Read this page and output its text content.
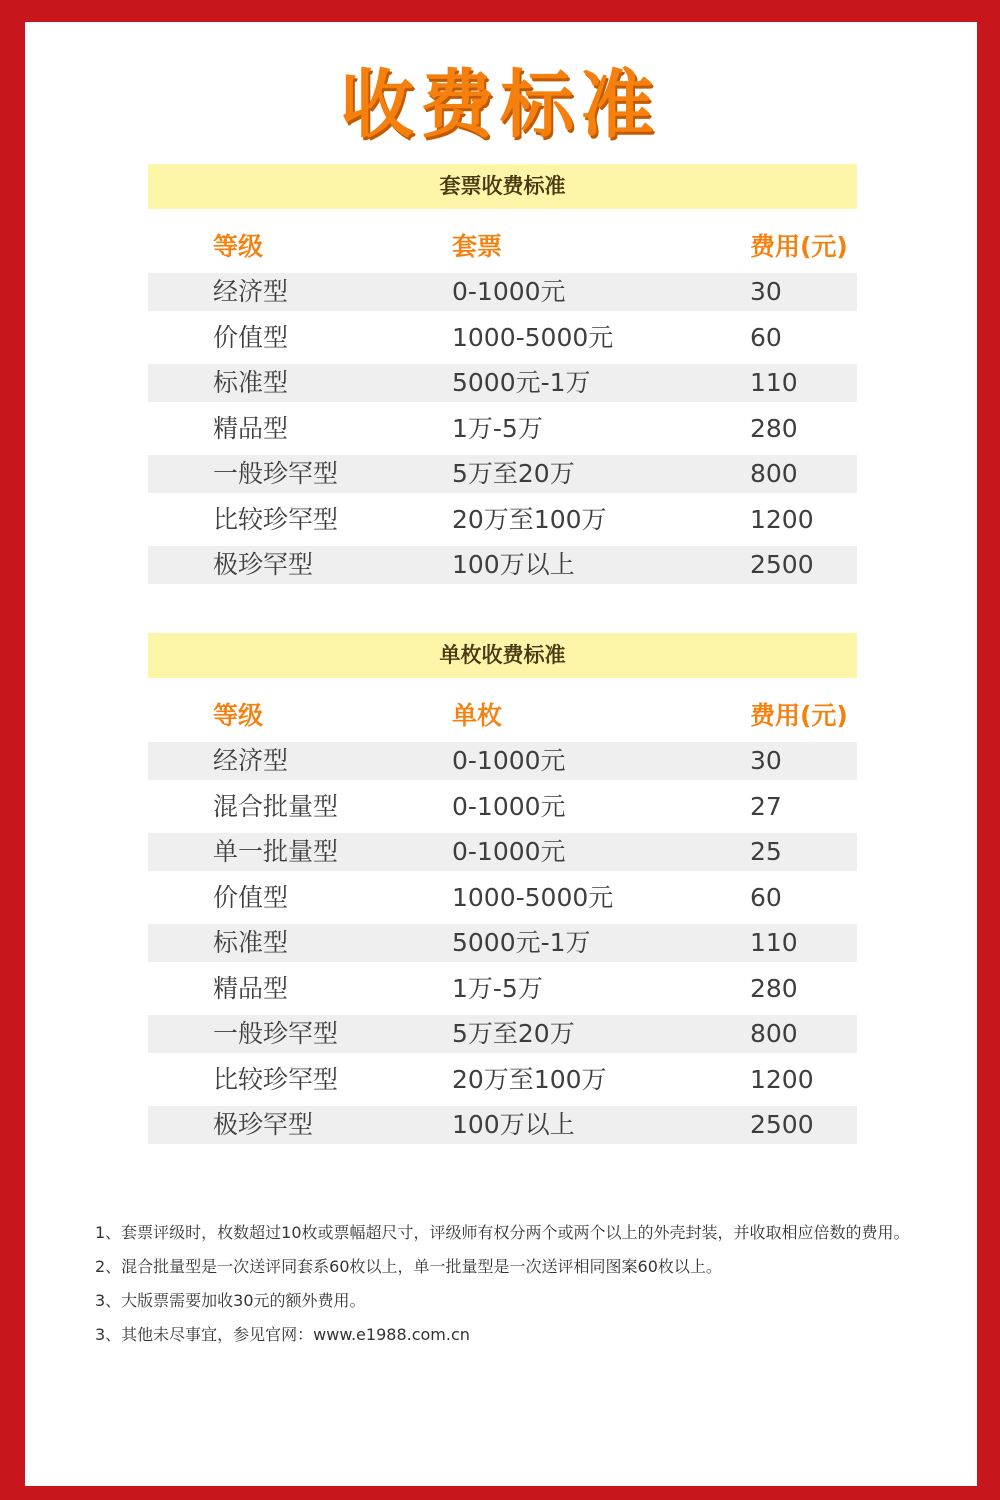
收费标准
套票收费标准
等级	套票	费用(元)
经济型	0-1000元	30
价值型	1000-5000元	60
标准型	5000元-1万	110
精品型	1万-5万	280
一般珍罕型	5万至20万	800
比较珍罕型	20万至100万	1200
极珍罕型	100万以上	2500
单枚收费标准
等级	单枚	费用(元)
经济型	0-1000元	30
混合批量型	0-1000元	27
单一批量型	0-1000元	25
价值型	1000-5000元	60
标准型	5000元-1万	110
精品型	1万-5万	280
一般珍罕型	5万至20万	800
比较珍罕型	20万至100万	1200
极珍罕型	100万以上	2500

1、套票评级时，枚数超过10枚或票幅超尺寸，评级师有权分两个或两个以上的外壳封装，并收取相应倍数的费用。

2、混合批量型是一次送评同套系60枚以上，单一批量型是一次送评相同图案60枚以上。

3、大版票需要加收30元的额外费用。

3、其他未尽事宜，参见官网：www.e1988.com.cn
